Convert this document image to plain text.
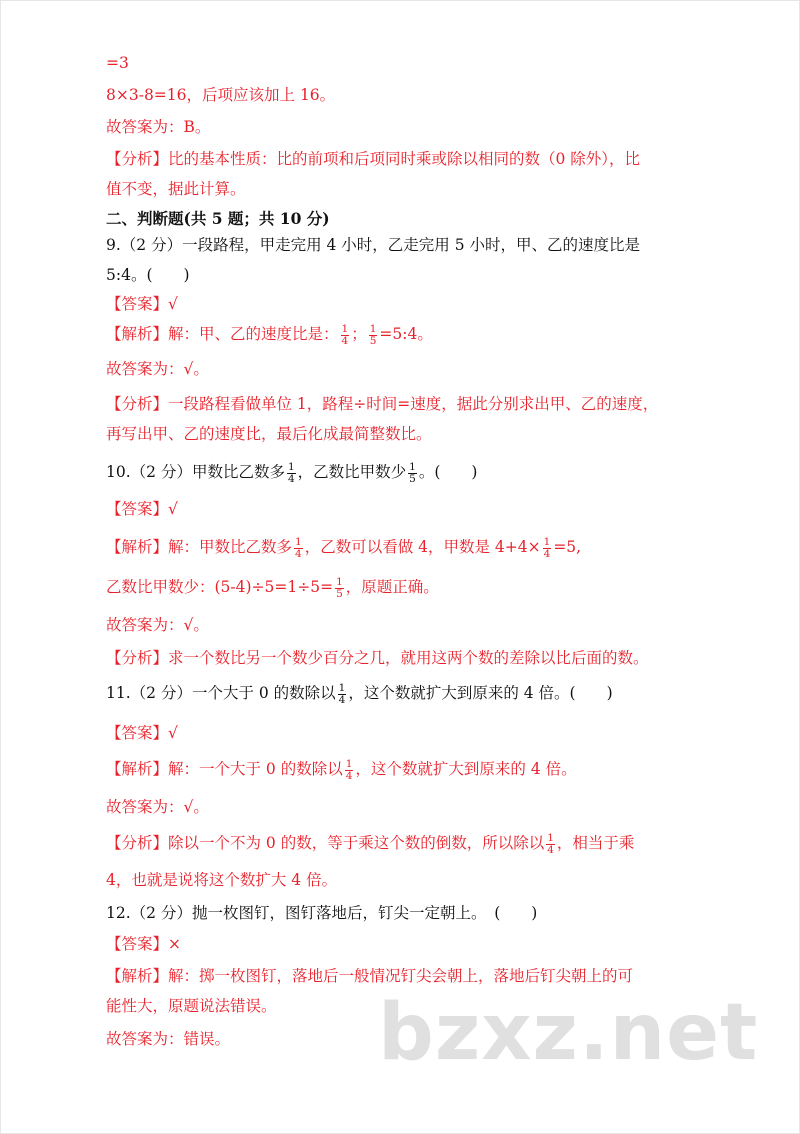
=3
8×3-8=16，后项应该加上 16。
故答案为：B。
【分析】比的基本性质：比的前项和后项同时乘或除以相同的数（0 除外），比
值不变，据此计算。
二、判断题(共 5 题；共 10 分)
9.（2 分）一段路程，甲走完用 4 小时，乙走完用 5 小时，甲、乙的速度比是
5:4。(　　)
【答案】√
【解析】解：甲、乙的速度比是： $\frac{1}{4}$ ； $\frac{1}{5}$ =5:4。
故答案为：√。
【分析】一段路程看做单位 1，路程÷时间=速度，据此分别求出甲、乙的速度，
再写出甲、乙的速度比，最后化成最简整数比。
10.（2 分）甲数比乙数多 $\frac{1}{4}$ ，乙数比甲数少 $\frac{1}{5}$ 。(　　)
【答案】√
【解析】解：甲数比乙数多 $\frac{1}{4}$ ，乙数可以看做 4，甲数是 $4+4\times \frac{1}{4} =5$,
乙数比甲数少：$(5-4)\div 5=1\div 5= \frac{1}{5}$ ，原题正确。
故答案为：√。
【分析】求一个数比另一个数少百分之几，就用这两个数的差除以比后面的数。
11.（2 分）一个大于 0 的数除以 $\frac{1}{4}$ ，这个数就扩大到原来的 4 倍。(　　)
【答案】√
【解析】解：一个大于 0 的数除以 $\frac{1}{4}$ ，这个数就扩大到原来的 4 倍。
故答案为：√。
【分析】除以一个不为 0 的数，等于乘这个数的倒数，所以除以 $\frac{1}{4}$ ，相当于乘
4，也就是说将这个数扩大 4 倍。
12.（2 分）抛一枚图钉，图钉落地后，钉尖一定朝上。　(　　)
【答案】×
【解析】解：掷一枚图钉，落地后一般情况钉尖会朝上，落地后钉尖朝上的可
能性大，原题说法错误。
故答案为：错误。	bzxz.net
